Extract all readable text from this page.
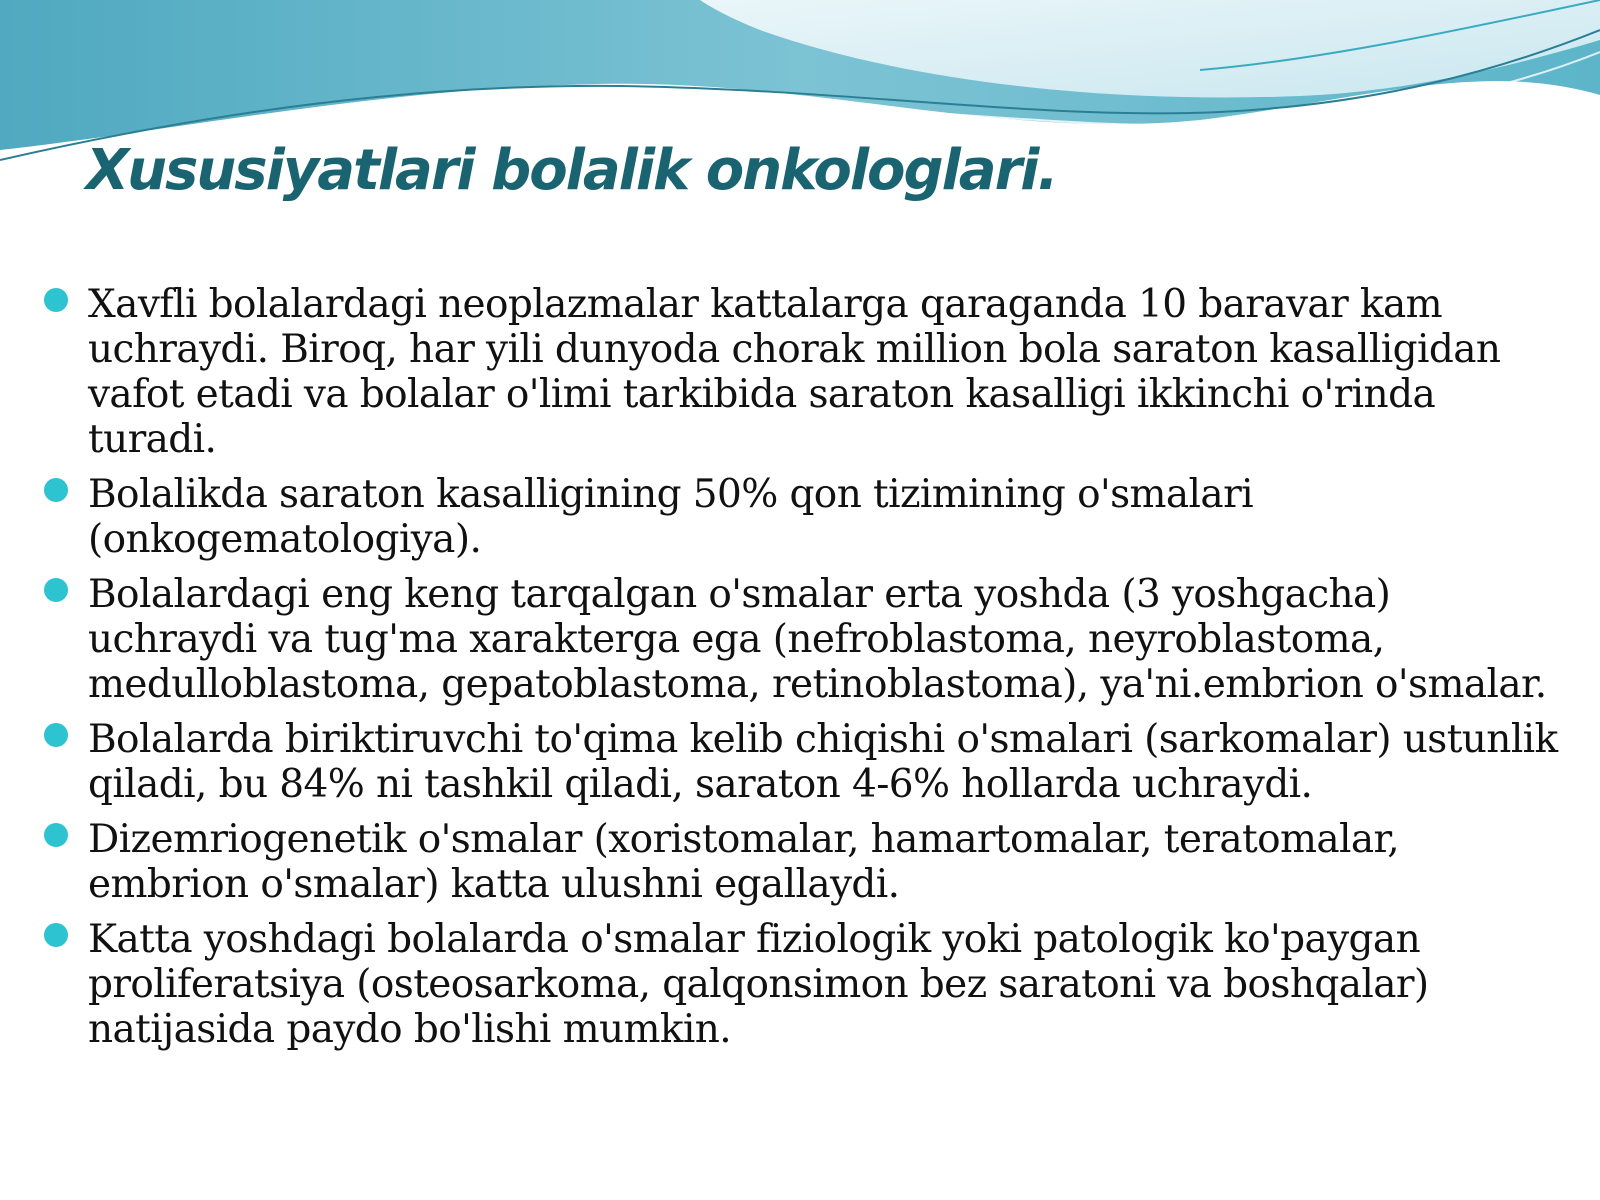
Xususiyatlari bolalik onkologlari.
Xavfli bolalardagi neoplazmalar kattalarga qaraganda 10 baravar kam uchraydi. Biroq, har yili dunyoda chorak million bola saraton kasalligidan vafot etadi va bolalar o'limi tarkibida saraton kasalligi ikkinchi o'rinda turadi.
Bolalikda saraton kasalligining 50% qon tizimining o'smalari (onkogematologiya).
Bolalardagi eng keng tarqalgan o'smalar erta yoshda (3 yoshgacha) uchraydi va tug'ma xarakterga ega (nefroblastoma, neyroblastoma, medulloblastoma, gepatoblastoma, retinoblastoma), ya'ni.embrion o'smalar.
Bolalarda biriktiruvchi to'qima kelib chiqishi o'smalari (sarkomalar) ustunlik qiladi, bu 84% ni tashkil qiladi, saraton 4-6% hollarda uchraydi.
Dizemriogenetik o'smalar (xoristomalar, hamartomalar, teratomalar, embrion o'smalar) katta ulushni egallaydi.
Katta yoshdagi bolalarda o'smalar fiziologik yoki patologik ko'paygan proliferatsiya (osteosarkoma, qalqonsimon bez saratoni va boshqalar) natijasida paydo bo'lishi mumkin.
